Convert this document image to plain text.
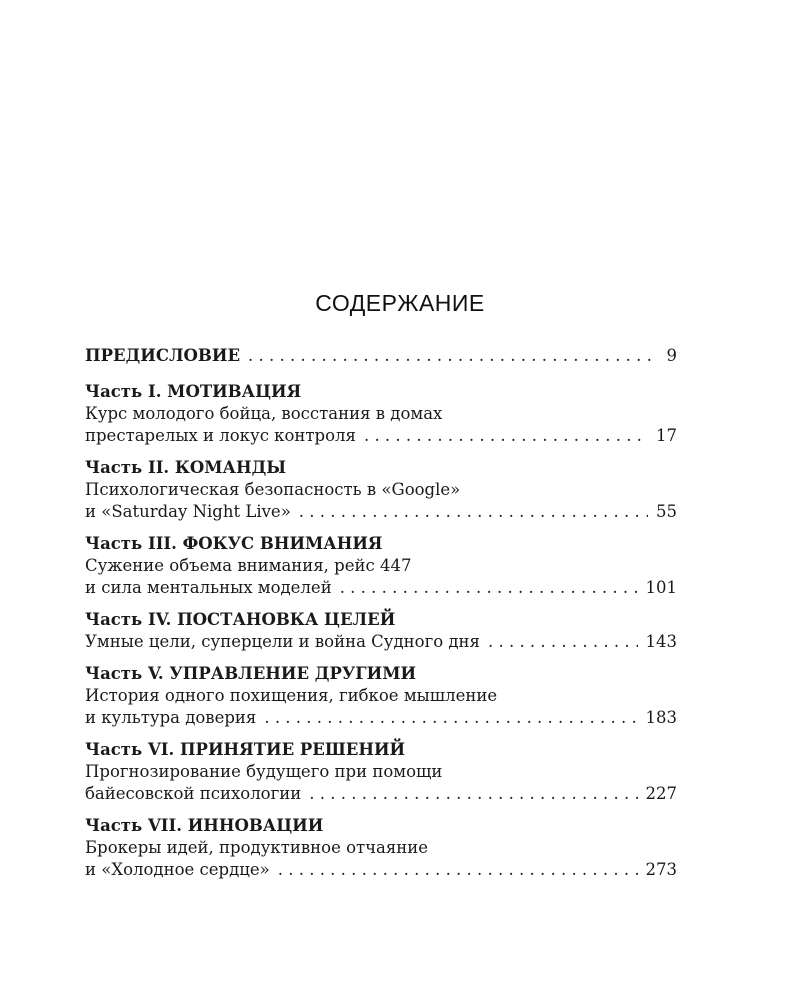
СОДЕРЖАНИЕ
ПРЕДИСЛОВИЕ . . .	9
Часть I. МОТИВАЦИЯ
Курс молодого бойца, восстания в домах
престарелых и локус контроля . . .	17
Часть II. КОМАНДЫ
Психологическая безопасность в «Google»
и «Saturday Night Live» . . .	55
Часть III. ФОКУС ВНИМАНИЯ
Сужение объема внимания, рейс 447
и сила ментальных моделей . . .	101
Часть IV. ПОСТАНОВКА ЦЕЛЕЙ
Умные цели, суперцели и война Судного дня . . .	143
Часть V. УПРАВЛЕНИЕ ДРУГИМИ
История одного похищения, гибкое мышление
и культура доверия . . .	183
Часть VI. ПРИНЯТИЕ РЕШЕНИЙ
Прогнозирование будущего при помощи
байесовской психологии . . .	227
Часть VII. ИННОВАЦИИ
Брокеры идей, продуктивное отчаяние
и «Холодное сердце» . . .	273
